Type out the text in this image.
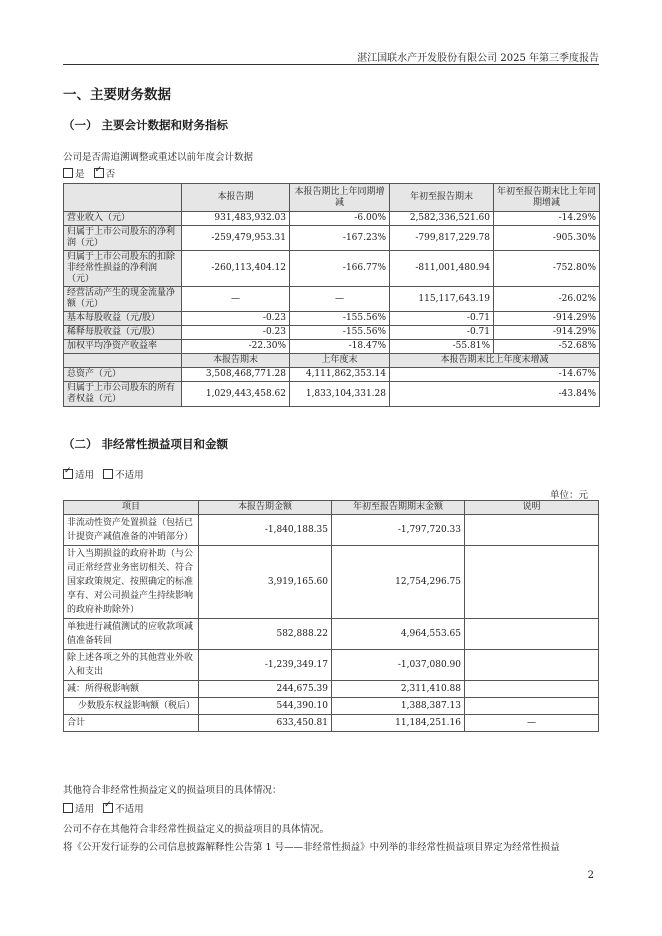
湛江国联水产开发股份有限公司 2025 年第三季度报告
一、主要财务数据
（一） 主要会计数据和财务指标
公司是否需追溯调整或重述以前年度会计数据
是 ✓ 否
	本报告期	本报告期比上年同期增减	年初至报告期末	年初至报告期末比上年同期增减
营业收入（元）	931,483,932.03	-6.00%	2,582,336,521.60	-14.29%
归属于上市公司股东的净利润（元）	-259,479,953.31	-167.23%	-799,817,229.78	-905.30%
归属于上市公司股东的扣除非经常性损益的净利润（元）	-260,113,404.12	-166.77%	-811,001,480.94	-752.80%
经营活动产生的现金流量净额（元）	—	—	115,117,643.19	-26.02%
基本每股收益（元/股）	-0.23	-155.56%	-0.71	-914.29%
稀释每股收益（元/股）	-0.23	-155.56%	-0.71	-914.29%
加权平均净资产收益率	-22.30%	-18.47%	-55.81%	-52.68%
	本报告期末	上年度末	本报告期末比上年度末增减	
总资产（元）	3,508,468,771.28	4,111,862,353.14	-14.67%	
归属于上市公司股东的所有者权益（元）	1,029,443,458.62	1,833,104,331.28	-43.84%	
（二） 非经常性损益项目和金额
✓适用 不适用
单位：元
项目	本报告期金额	年初至报告期期末金额	说明
非流动性资产处置损益（包括已计提资产减值准备的冲销部分）	-1,840,188.35	-1,797,720.33	
计入当期损益的政府补助（与公司正常经营业务密切相关、符合国家政策规定、按照确定的标准享有、对公司损益产生持续影响的政府补助除外）	3,919,165.60	12,754,296.75	
单独进行减值测试的应收款项减值准备转回	582,888.22	4,964,553.65	
除上述各项之外的其他营业外收入和支出	-1,239,349.17	-1,037,080.90	
减：所得税影响额	244,675.39	2,311,410.88	
少数股东权益影响额（税后）	544,390.10	1,388,387.13	
合计	633,450.81	11,184,251.16	—
其他符合非经常性损益定义的损益项目的具体情况：
适用 ✓ 不适用
公司不存在其他符合非经常性损益定义的损益项目的具体情况。
将《公开发行证券的公司信息披露解释性公告第 1 号——非经常性损益》中列举的非经常性损益项目界定为经常性损益
2
